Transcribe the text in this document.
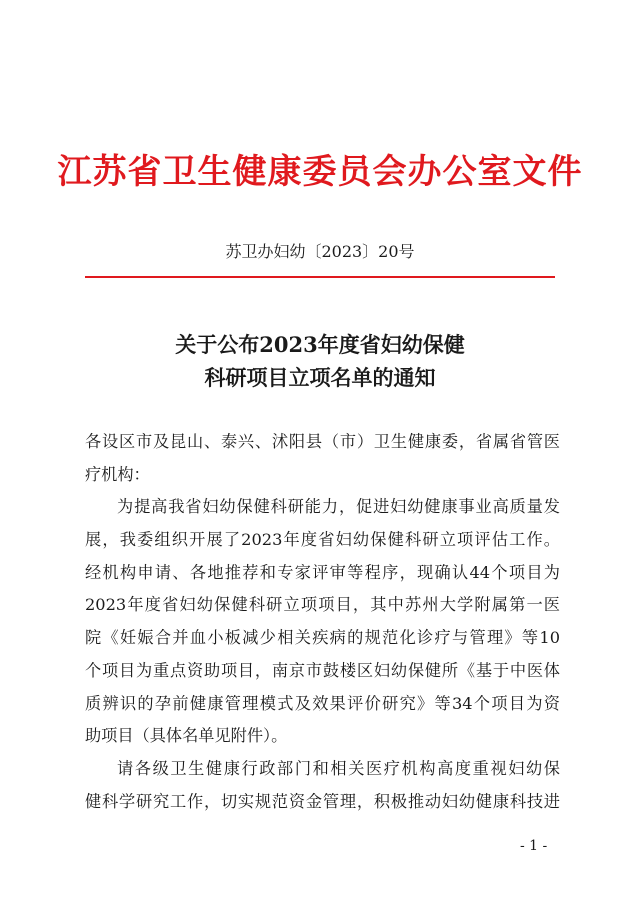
江苏省卫生健康委员会办公室文件
苏卫办妇幼〔2023〕20号
关于公布2023年度省妇幼保健
科研项目立项名单的通知
各设区市及昆山、泰兴、沭阳县（市）卫生健康委，省属省管医
疗机构：
为提高我省妇幼保健科研能力，促进妇幼健康事业高质量发
展，我委组织开展了2023年度省妇幼保健科研立项评估工作。
经机构申请、各地推荐和专家评审等程序，现确认44个项目为
2023年度省妇幼保健科研立项项目，其中苏州大学附属第一医
院《妊娠合并血小板减少相关疾病的规范化诊疗与管理》等10
个项目为重点资助项目，南京市鼓楼区妇幼保健所《基于中医体
质辨识的孕前健康管理模式及效果评价研究》等34个项目为资
助项目（具体名单见附件）。
请各级卫生健康行政部门和相关医疗机构高度重视妇幼保
健科学研究工作，切实规范资金管理，积极推动妇幼健康科技进
- 1 -
